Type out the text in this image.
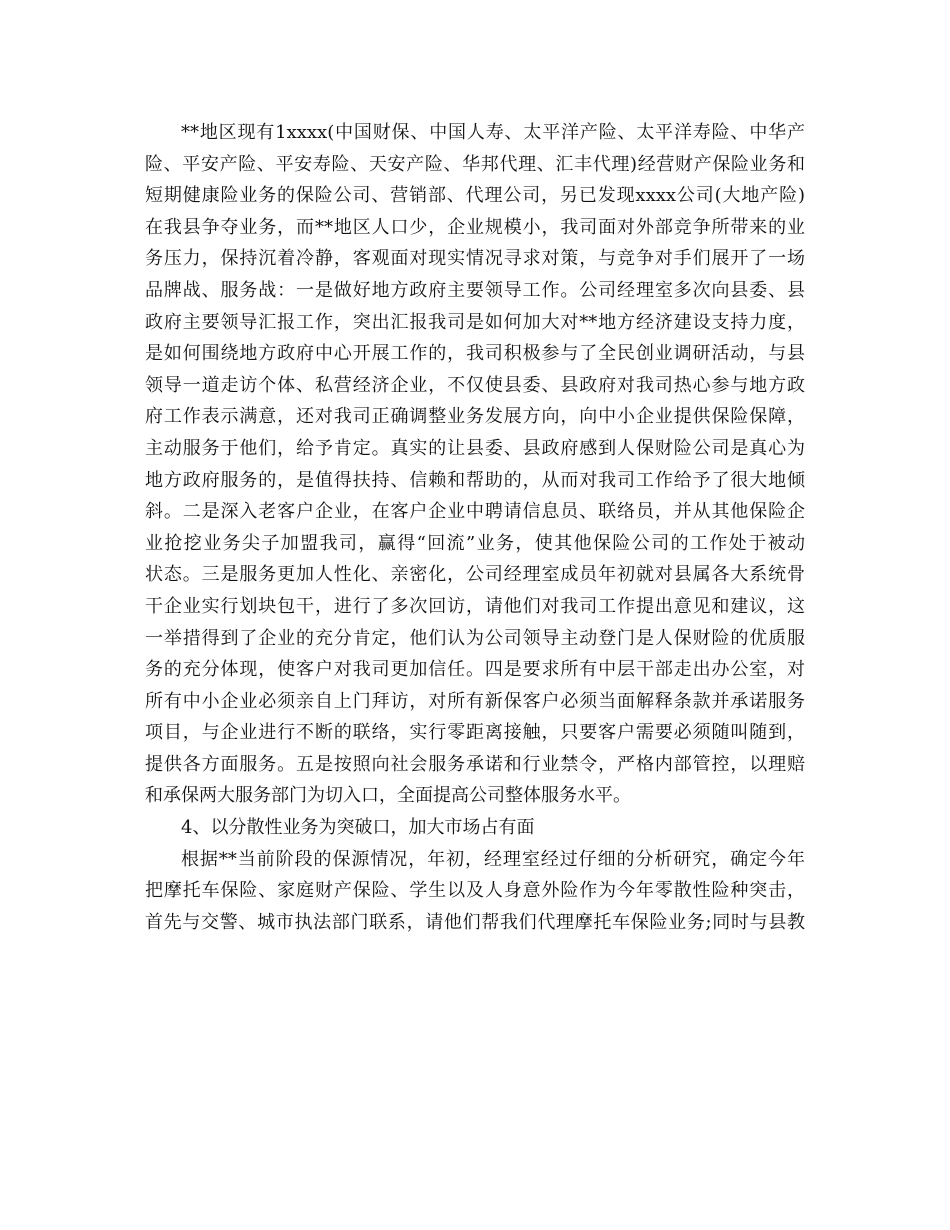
**地区现有1xxxx(中国财保、中国人寿、太平洋产险、太平洋寿险、中华产
险、平安产险、平安寿险、天安产险、华邦代理、汇丰代理)经营财产保险业务和
短期健康险业务的保险公司、营销部、代理公司，另已发现xxxx公司(大地产险)
在我县争夺业务，而**地区人口少，企业规模小，我司面对外部竞争所带来的业
务压力，保持沉着冷静，客观面对现实情况寻求对策，与竞争对手们展开了一场
品牌战、服务战：一是做好地方政府主要领导工作。公司经理室多次向县委、县
政府主要领导汇报工作，突出汇报我司是如何加大对**地方经济建设支持力度，
是如何围绕地方政府中心开展工作的，我司积极参与了全民创业调研活动，与县
领导一道走访个体、私营经济企业，不仅使县委、县政府对我司热心参与地方政
府工作表示满意，还对我司正确调整业务发展方向，向中小企业提供保险保障，
主动服务于他们，给予肯定。真实的让县委、县政府感到人保财险公司是真心为
地方政府服务的，是值得扶持、信赖和帮助的，从而对我司工作给予了很大地倾
斜。二是深入老客户企业，在客户企业中聘请信息员、联络员，并从其他保险企
业抢挖业务尖子加盟我司，赢得“回流”业务，使其他保险公司的工作处于被动
状态。三是服务更加人性化、亲密化，公司经理室成员年初就对县属各大系统骨
干企业实行划块包干，进行了多次回访，请他们对我司工作提出意见和建议，这
一举措得到了企业的充分肯定，他们认为公司领导主动登门是人保财险的优质服
务的充分体现，使客户对我司更加信任。四是要求所有中层干部走出办公室，对
所有中小企业必须亲自上门拜访，对所有新保客户必须当面解释条款并承诺服务
项目，与企业进行不断的联络，实行零距离接触，只要客户需要必须随叫随到，
提供各方面服务。五是按照向社会服务承诺和行业禁令，严格内部管控，以理赔
和承保两大服务部门为切入口，全面提高公司整体服务水平。
4、以分散性业务为突破口，加大市场占有面
根据**当前阶段的保源情况，年初，经理室经过仔细的分析研究，确定今年
把摩托车保险、家庭财产保险、学生以及人身意外险作为今年零散性险种突击，
首先与交警、城市执法部门联系，请他们帮我们代理摩托车保险业务;同时与县教
